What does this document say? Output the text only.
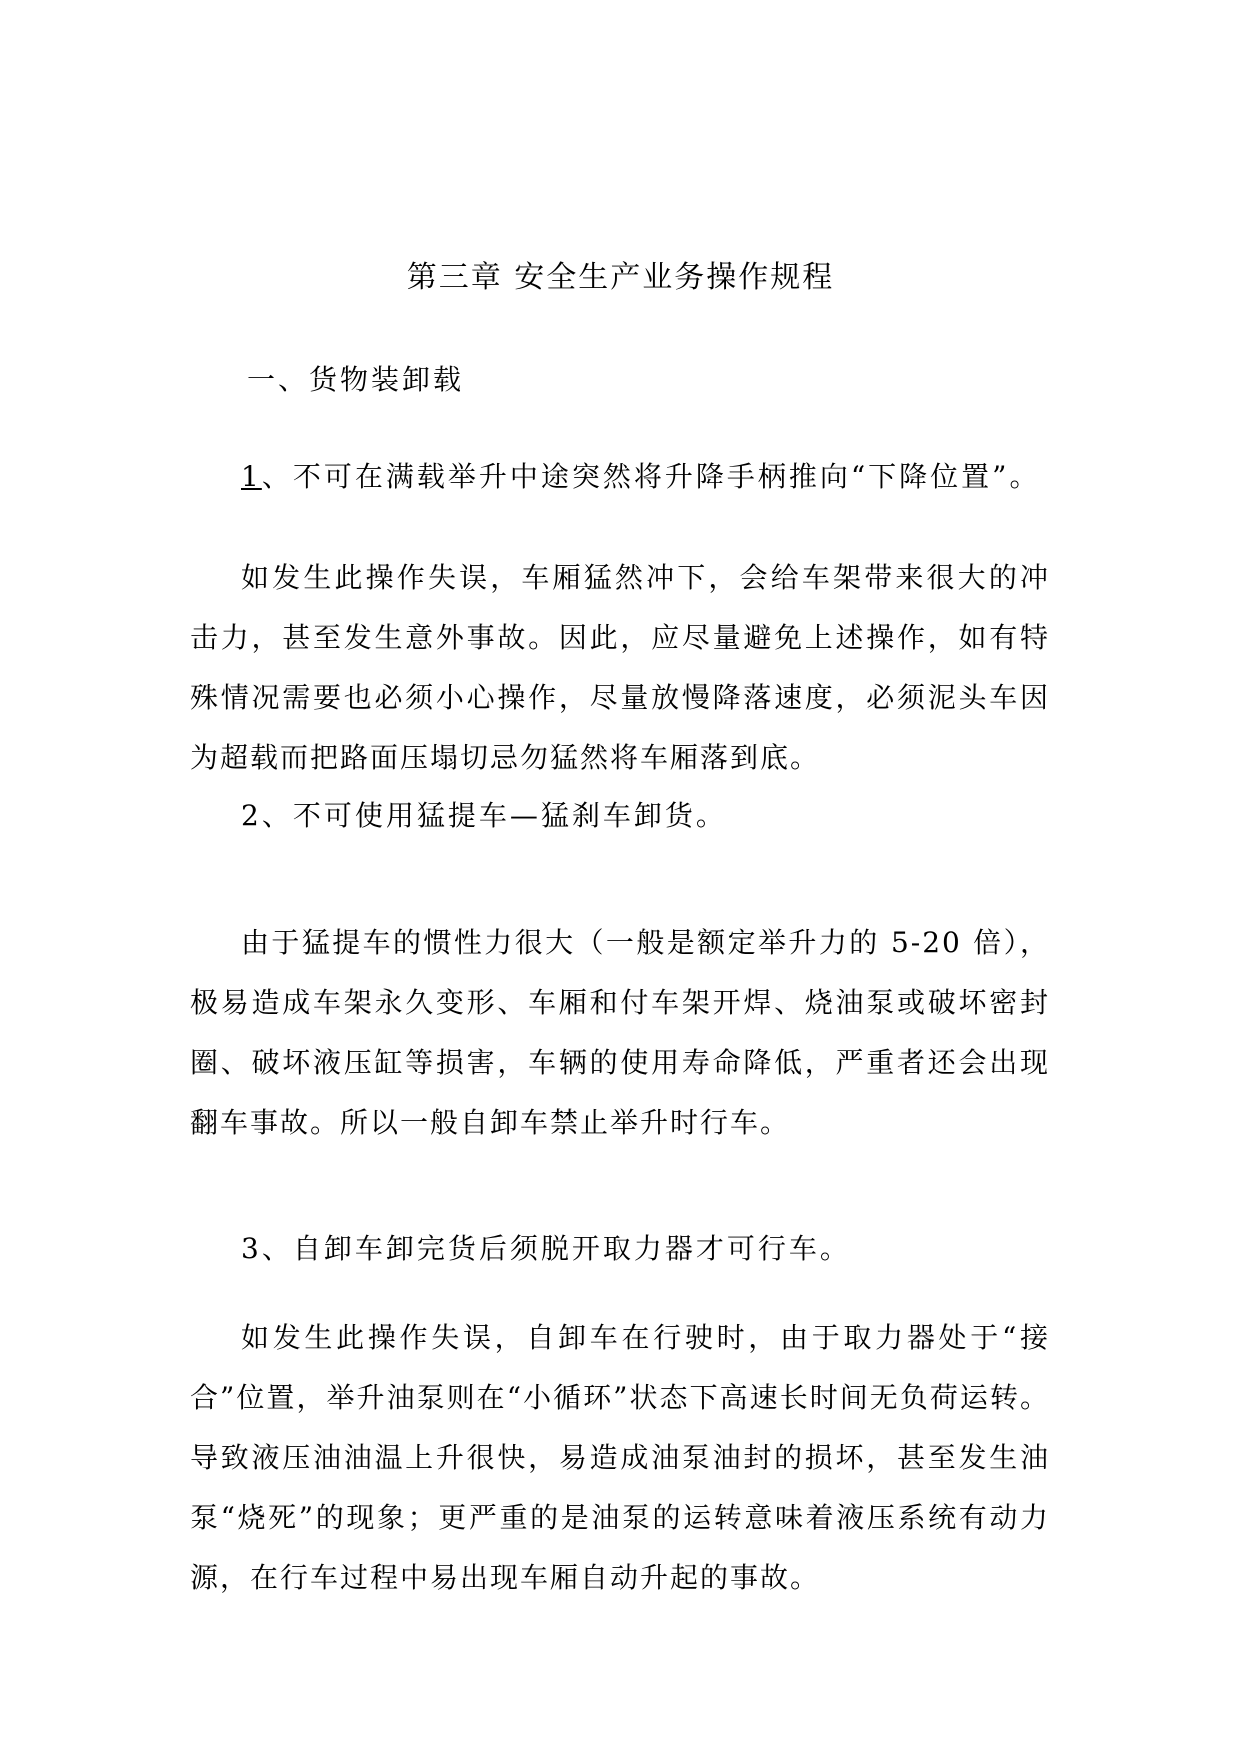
第三章 安全生产业务操作规程
一、货物装卸载
1、不可在满载举升中途突然将升降手柄推向“下降位置”。
如发生此操作失误，车厢猛然冲下，会给车架带来很大的冲击力，甚至发生意外事故。因此，应尽量避免上述操作，如有特殊情况需要也必须小心操作，尽量放慢降落速度，必须泥头车因为超载而把路面压塌切忌勿猛然将车厢落到底。
2、不可使用猛提车—猛刹车卸货。
由于猛提车的惯性力很大（一般是额定举升力的 5-20 倍），极易造成车架永久变形、车厢和付车架开焊、烧油泵或破坏密封圈、破坏液压缸等损害，车辆的使用寿命降低，严重者还会出现翻车事故。所以一般自卸车禁止举升时行车。
3、自卸车卸完货后须脱开取力器才可行车。
如发生此操作失误，自卸车在行驶时，由于取力器处于“接合”位置，举升油泵则在“小循环”状态下高速长时间无负荷运转。导致液压油油温上升很快，易造成油泵油封的损坏，甚至发生油泵“烧死”的现象；更严重的是油泵的运转意味着液压系统有动力源，在行车过程中易出现车厢自动升起的事故。
